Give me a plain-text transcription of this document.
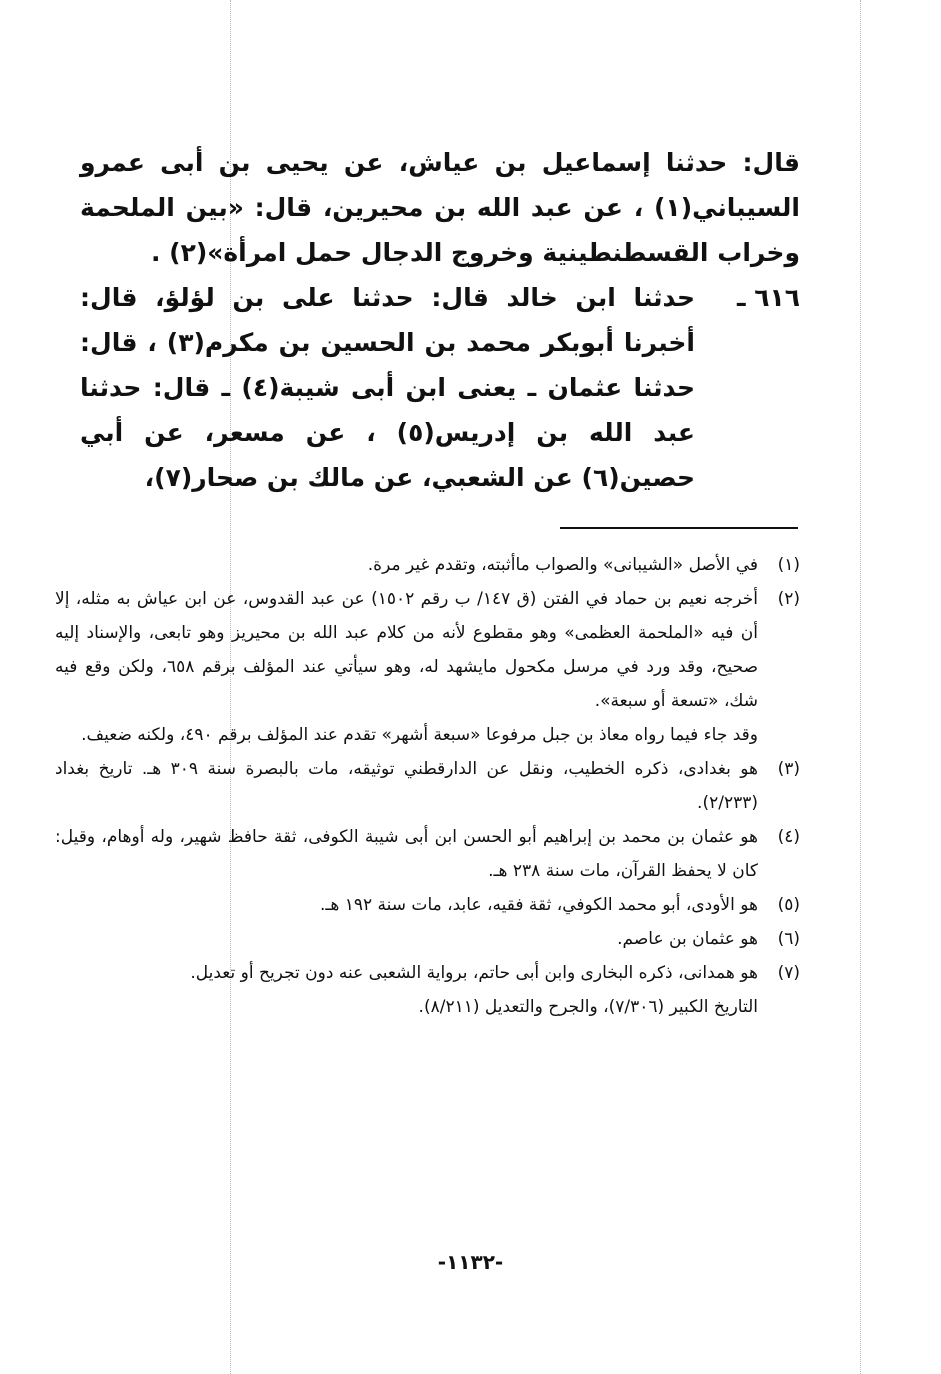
قال: حدثنا إسماعيل بن عياش، عن يحيى بن أبى عمرو السيباني(١) ، عن عبد الله بن محيرين، قال: «بين الملحمة وخراب القسطنطينية وخروج الدجال حمل امرأة»(٢) .

٦١٦ ـ
حدثنا ابن خالد قال: حدثنا على بن لؤلؤ، قال: أخبرنا أبوبكر محمد بن الحسين بن مكرم(٣) ، قال: حدثنا عثمان ـ يعنى ابن أبى شيبة(٤) ـ قال: حدثنا عبد الله بن إدريس(٥) ، عن مسعر، عن أبي حصين(٦) عن الشعبي، عن مالك بن صحار(٧)،

(١)
في الأصل «الشيبانى» والصواب ماأثبته، وتقدم غير مرة.

(٢)
أخرجه نعيم بن حماد في الفتن (ق ١٤٧/ ب رقم ١٥٠٢) عن عبد القدوس، عن ابن عياش به مثله، إلا أن فيه «الملحمة العظمى» وهو مقطوع لأنه من كلام عبد الله بن محيريز وهو تابعى، والإسناد إليه صحيح، وقد ورد في مرسل مكحول مايشهد له، وهو سيأتي عند المؤلف برقم ٦٥٨، ولكن وقع فيه شك، «تسعة أو سبعة».

وقد جاء فيما رواه معاذ بن جبل مرفوعا «سبعة أشهر» تقدم عند المؤلف برقم ٤٩٠، ولكنه ضعيف.

(٣)
هو بغدادى، ذكره الخطيب، ونقل عن الدارقطني توثيقه، مات بالبصرة سنة ٣٠٩ هـ. تاريخ بغداد (٢/٢٣٣).

(٤)
هو عثمان بن محمد بن إبراهيم أبو الحسن ابن أبى شيبة الكوفى، ثقة حافظ شهير، وله أوهام، وقيل: كان لا يحفظ القرآن، مات سنة ٢٣٨ هـ.

(٥)
هو الأودى، أبو محمد الكوفي، ثقة فقيه، عابد، مات سنة ١٩٢ هـ.

(٦)
هو عثمان بن عاصم.

(٧)
هو همدانى، ذكره البخارى وابن أبى حاتم، برواية الشعبى عنه دون تجريح أو تعديل.

التاريخ الكبير (٧/٣٠٦)، والجرح والتعديل (٨/٢١١).

-١١٣٢-
